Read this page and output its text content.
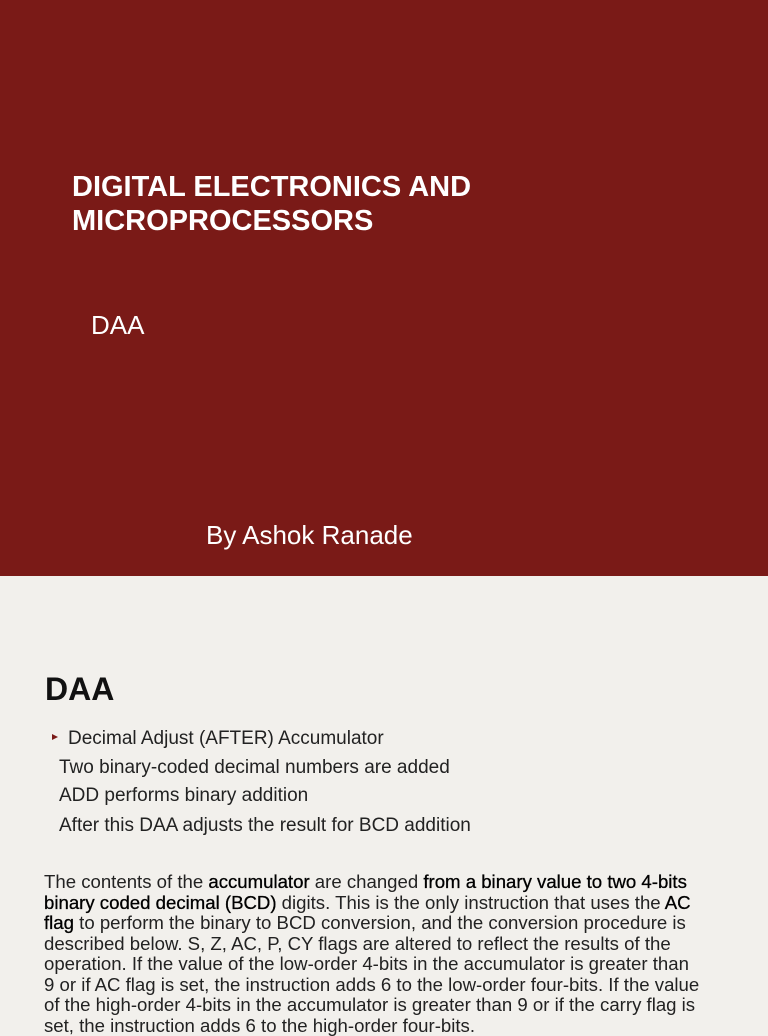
DIGITAL ELECTRONICS AND
MICROPROCESSORS
DAA
By Ashok Ranade
DAA
Decimal Adjust (AFTER) Accumulator
Two binary-coded decimal numbers are added
ADD performs binary addition
After this DAA adjusts the result for BCD addition

The contents of the accumulator are changed from a binary value to two 4-bits binary coded decimal (BCD) digits. This is the only instruction that uses the AC flag to perform the binary to BCD conversion, and the conversion procedure is described below. S, Z, AC, P, CY flags are altered to reflect the results of the operation. If the value of the low-order 4-bits in the accumulator is greater than 9 or if AC flag is set, the instruction adds 6 to the low-order four-bits. If the value of the high-order 4-bits in the accumulator is greater than 9 or if the carry flag is set, the instruction adds 6 to the high-order four-bits.
